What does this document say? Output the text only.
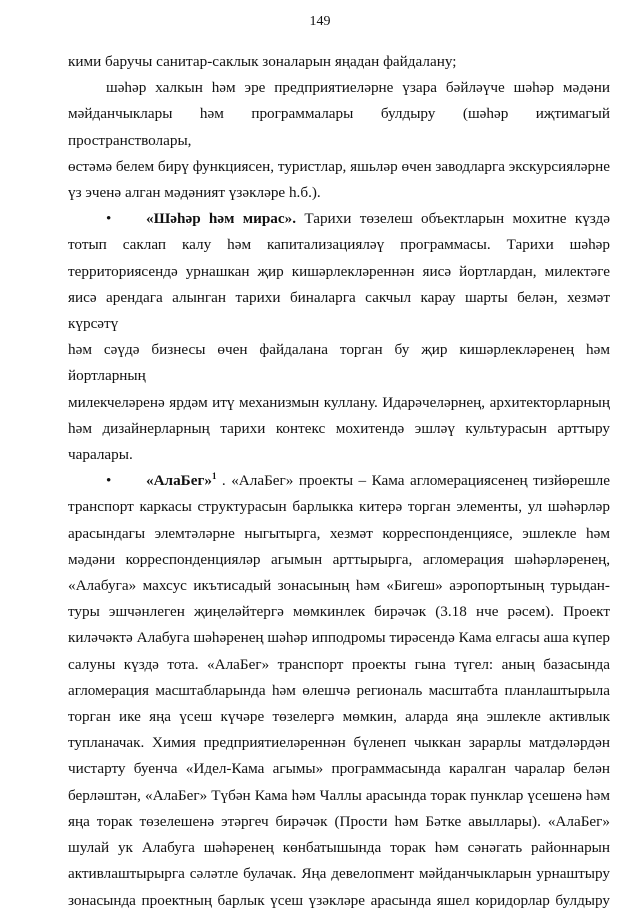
149

кими баручы санитар-саклык зоналарын яңадан файдалану;

шәһәр халкын һәм эре предприятиеләрне үзара бәйләүче шәһәр мәдәни

мәйданчыклары һәм программалары булдыру (шәһәр иҗтимагый пространстволары,

өстәмә белем бирү функциясен, туристлар, яшьләр өчен заводларга экскурсияләрне

үз эченә алган мәдәният үзәкләре һ.б.).

• «Шәһәр һәм мирас». Тарихи төзелеш объектларын мохитне күздә

тотып саклап калу һәм капитализацияләү программасы. Тарихи шәһәр

территориясендә урнашкан җир кишәрлекләреннән яисә йортлардан, милектәге

яисә арендага алынган тарихи биналарга сакчыл карау шарты белән, хезмәт күрсәтү

һәм сәүдә бизнесы өчен файдалана торган бу җир кишәрлекләренең һәм йортларның

милекчеләренә ярдәм итү механизмын куллану. Идарәчеләрнең, архитекторларның

һәм дизайнерларның тарихи контекс мохитендә эшләү культурасын арттыру

чаралары.

• «АлаБег»$^1$ . «АлаБег» проекты – Кама агломерациясенең тизйөрешле

транспорт каркасы структурасын барлыкка китерә торган элементы, ул шәһәрләр

арасындагы элемтәләрне ныгытырга, хезмәт корреспонденциясе, эшлекле һәм

мәдәни корреспонденцияләр агымын арттырырга, агломерация шәһәрләренең,

«Алабуга» махсус икътисадый зонасының һәм «Бигеш» аэропортының турыдан-

туры эшчәнлеген җиңеләйтергә мөмкинлек бирәчәк (3.18 нче рәсем). Проект

киләчәктә Алабуга шәһәренең шәһәр ипподромы тирәсендә Кама елгасы аша күпер

салуны күздә тота. «АлаБег» транспорт проекты гына түгел: аның базасында

агломерация масштабларында һәм өлешчә региональ масштабта планлаштырыла

торган ике яңа үсеш күчәре төзелергә мөмкин, аларда яңа эшлекле активлык

тупланачак. Химия предприятиеләреннән бүленеп чыккан зарарлы матдәләрдән

чистарту буенча «Идел-Кама агымы» программасында каралган чаралар белән

берләштән, «АлаБег» Түбән Кама һәм Чаллы арасында торак пунклар үсешенә һәм

яңа торак төзелешенә этәргеч бирәчәк (Прости һәм Бәтке авыллары). «АлаБег»

шулай ук Алабуга шәһәренең көнбатышында торак һәм сәнәгать районнарын

активлаштырырга сәләтле булачак. Яңа девелопмент мәйданчыкларын урнаштыру

зонасында проектның барлык үсеш үзәкләре арасында яшел коридорлар булдыру
